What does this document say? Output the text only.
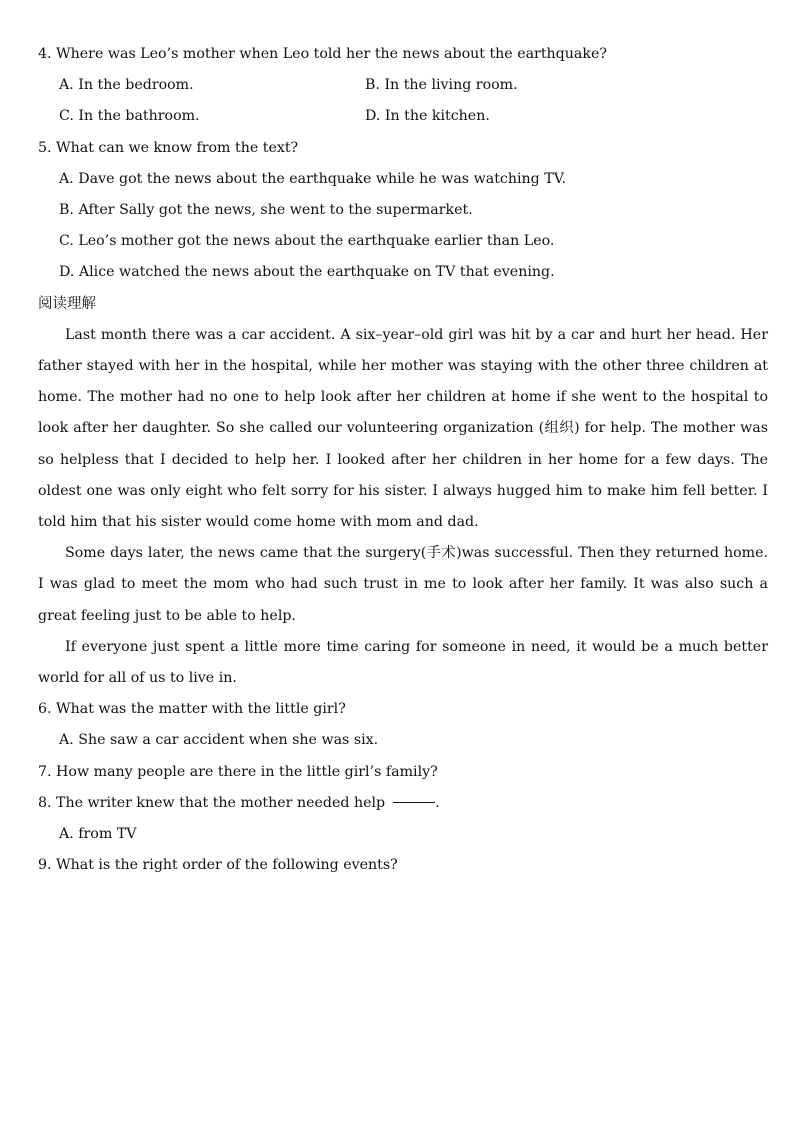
4. Where was Leo’s mother when Leo told her the news about the earthquake?
A. In the bedroom.	B. In the living room.
C. In the bathroom.	D. In the kitchen.
5. What can we know from the text?
A. Dave got the news about the earthquake while he was watching TV.
B. After Sally got the news, she went to the supermarket.
C. Leo’s mother got the news about the earthquake earlier than Leo.
D. Alice watched the news about the earthquake on TV that evening.
阅读理解
Last month there was a car accident. A six–year–old girl was hit by a car and hurt her head. Her father stayed with her in the hospital, while her mother was staying with the other three children at home. The mother had no one to help look after her children at home if she went to the hospital to look after her daughter. So she called our volunteering organization (组织) for help. The mother was so helpless that I decided to help her. I looked after her children in her home for a few days. The oldest one was only eight who felt sorry for his sister. I always hugged him to make him fell better. I told him that his sister would come home with mom and dad.
Some days later, the news came that the surgery(手术)was successful. Then they returned home. I was glad to meet the mom who had such trust in me to look after her family. It was also such a great feeling just to be able to help.
If everyone just spent a little more time caring for someone in need, it would be a much better world for all of us to live in.
6. What was the matter with the little girl?
A. She saw a car accident when she was six.
7. How many people are there in the little girl’s family?
8. The writer knew that the mother needed help	.
A. from TV
9. What is the right order of the following events?
